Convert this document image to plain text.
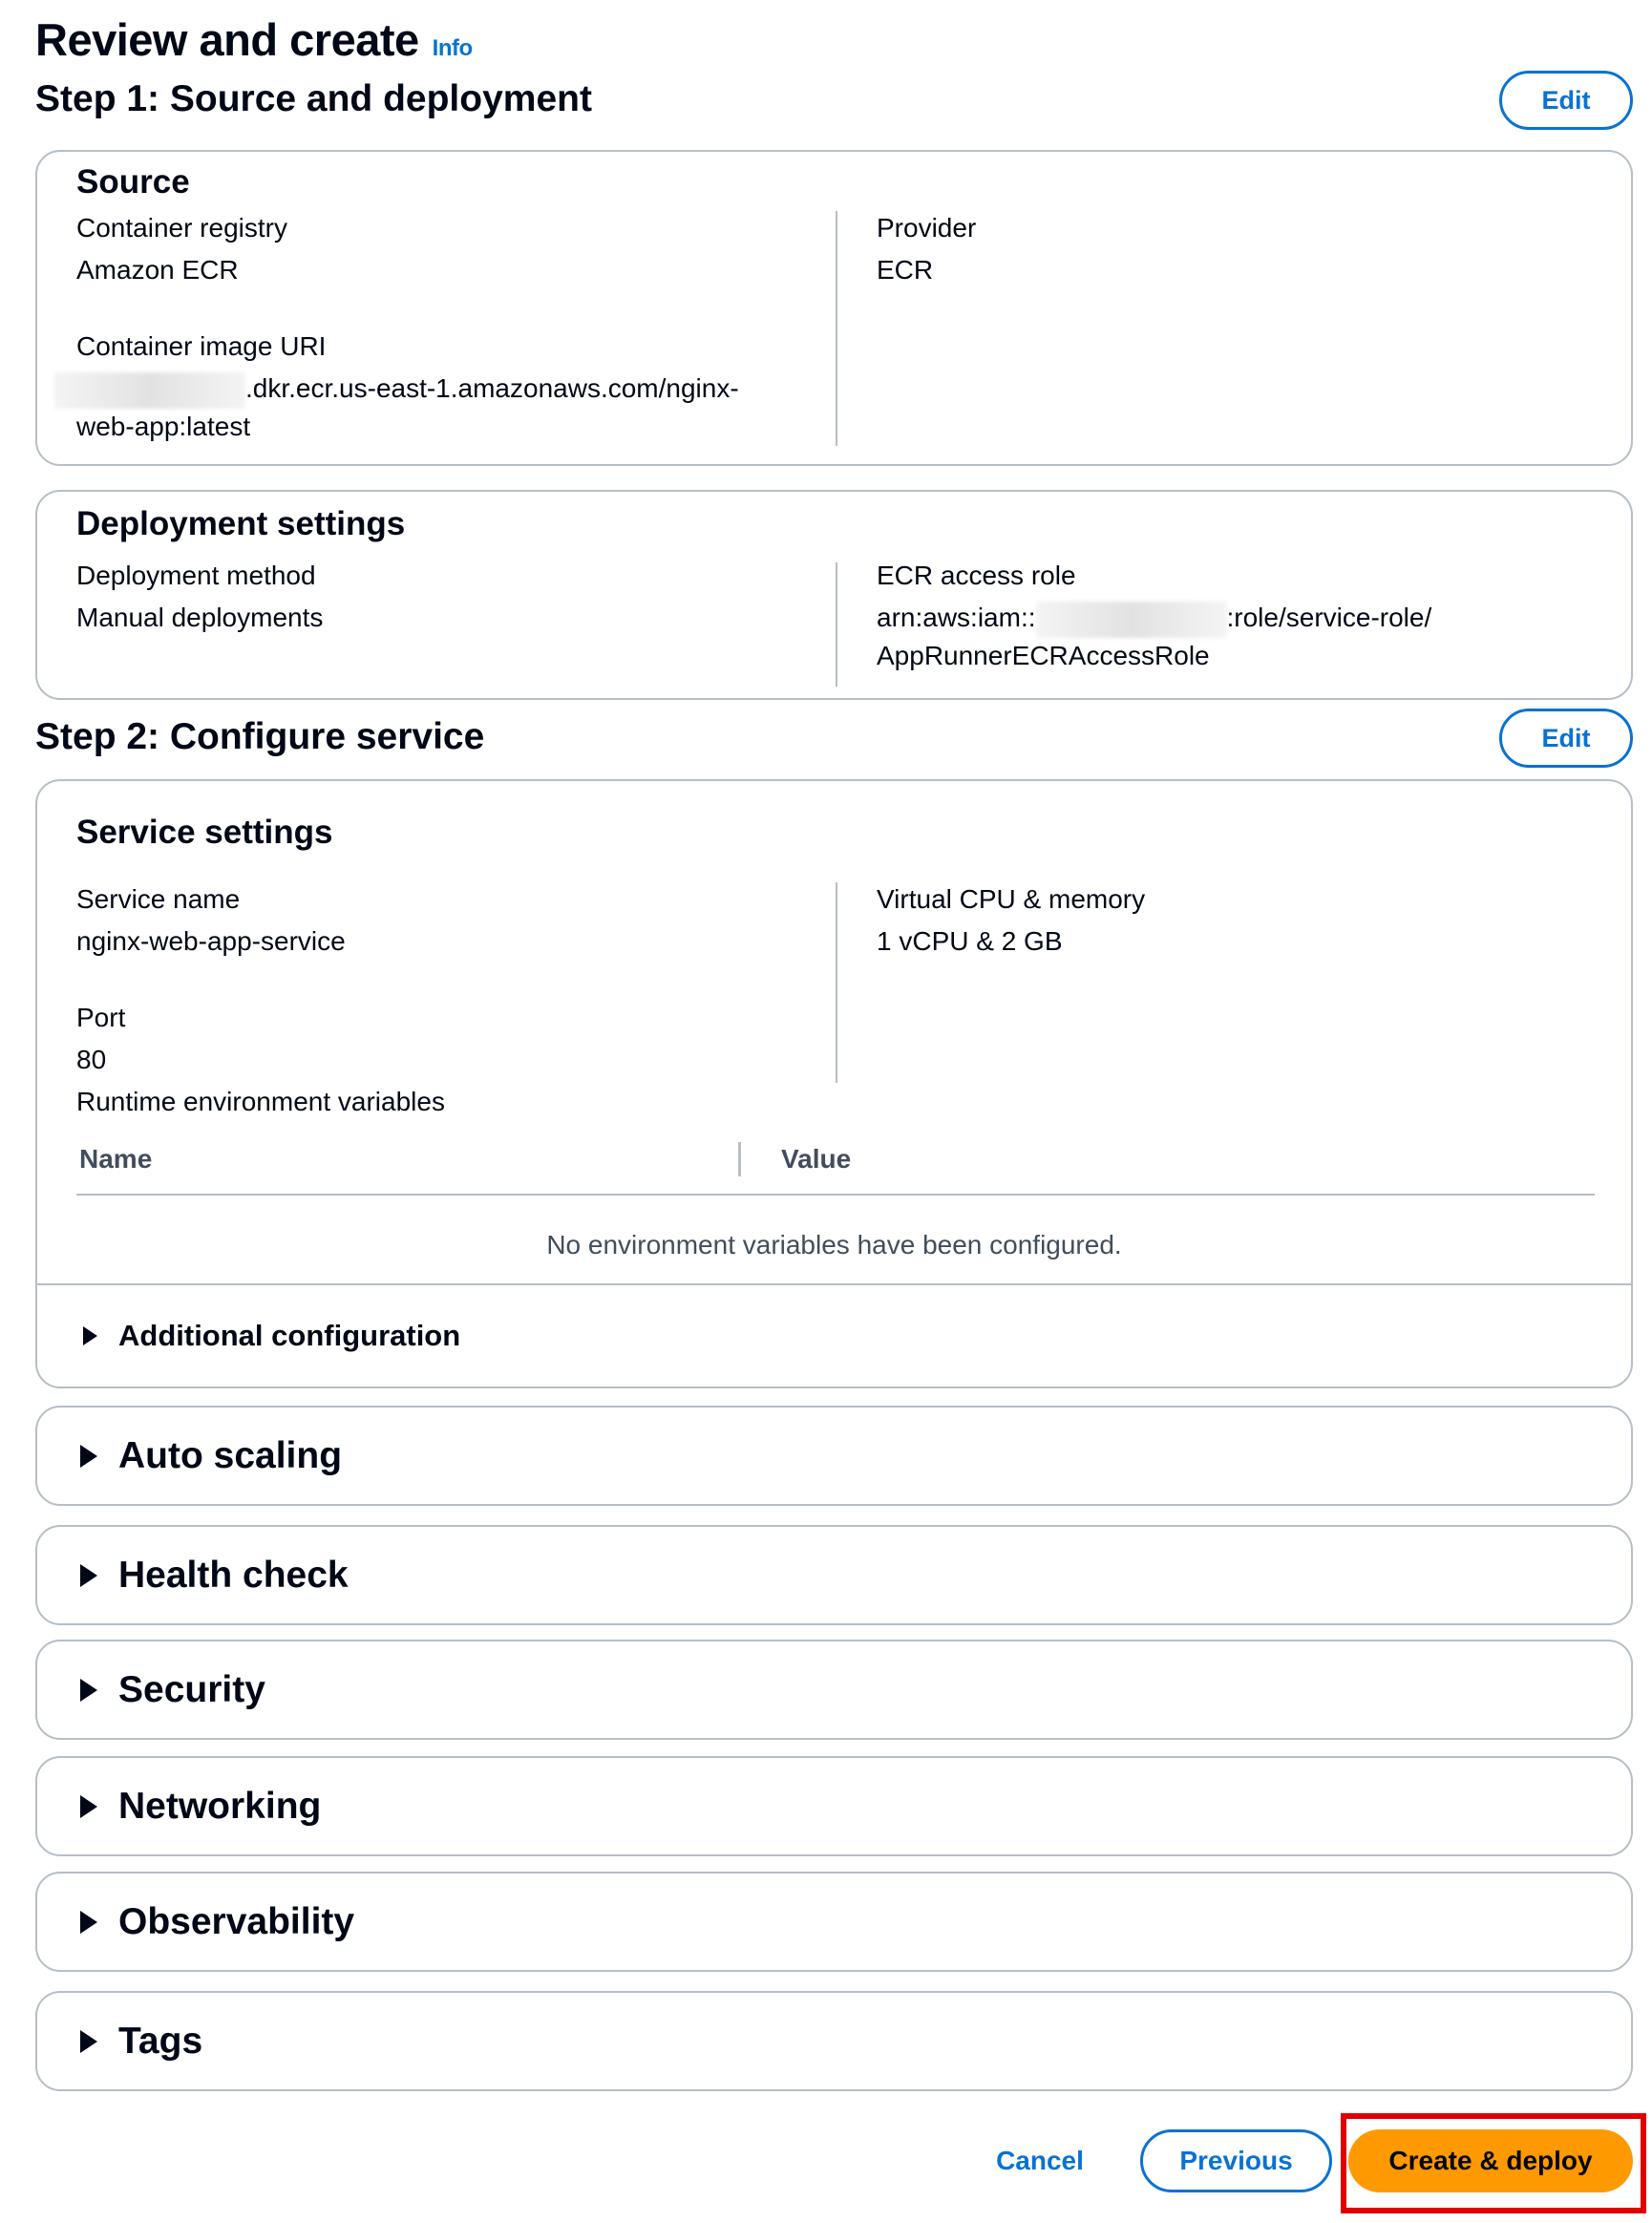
Review and create Info
Step 1: Source and deployment	Edit
Source
Container registry
Amazon ECR
Container image URI
.dkr.ecr.us-east-1.amazonaws.com/nginx-
web-app:latest
Provider
ECR
Deployment settings
Deployment method
Manual deployments
ECR access role
arn:aws:iam::	:role/service-role/
AppRunnerECRAccessRole
Edit
Step 2: Configure service
Service settings
Service name
nginx-web-app-service
Port
80
Runtime environment variables
Virtual CPU & memory
1 vCPU & 2 GB
Name	Value
No environment variables have been configured.
Additional configuration
Auto scaling
Health check
Security
Networking
Observability
Tags
Cancel	Previous	Create & deploy
